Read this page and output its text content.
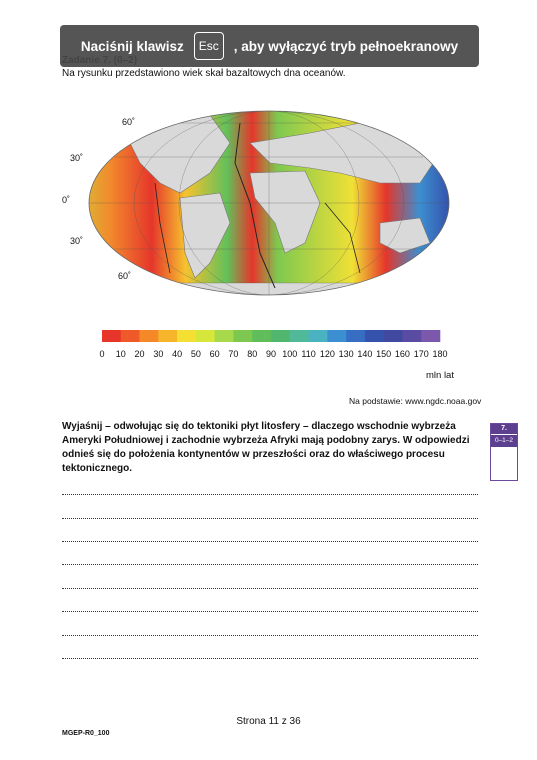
Na rysunku przedstawiono wiek skał bazaltowych dna oceanów.
60˚
30˚
0˚
30˚
60˚
0 10 20 30 40 50 60 70 80 90 100 110 120 130 140 150 160 170 180
mln lat
Na podstawie: www.ngdc.noaa.gov
Wyjaśnij – odwołując się do tektoniki płyt litosfery – dlaczego wschodnie wybrzeża Ameryki Południowej i zachodnie wybrzeża Afryki mają podobny zarys. W odpowiedzi odnieś się do położenia kontynentów w przeszłości oraz do właściwego procesu tektonicznego.
7.
0–1–2
Strona 11 z 36
MGEP-R0_100
Naciśnij klawisz	Esc	, aby wyłączyć tryb pełnoekranowy
